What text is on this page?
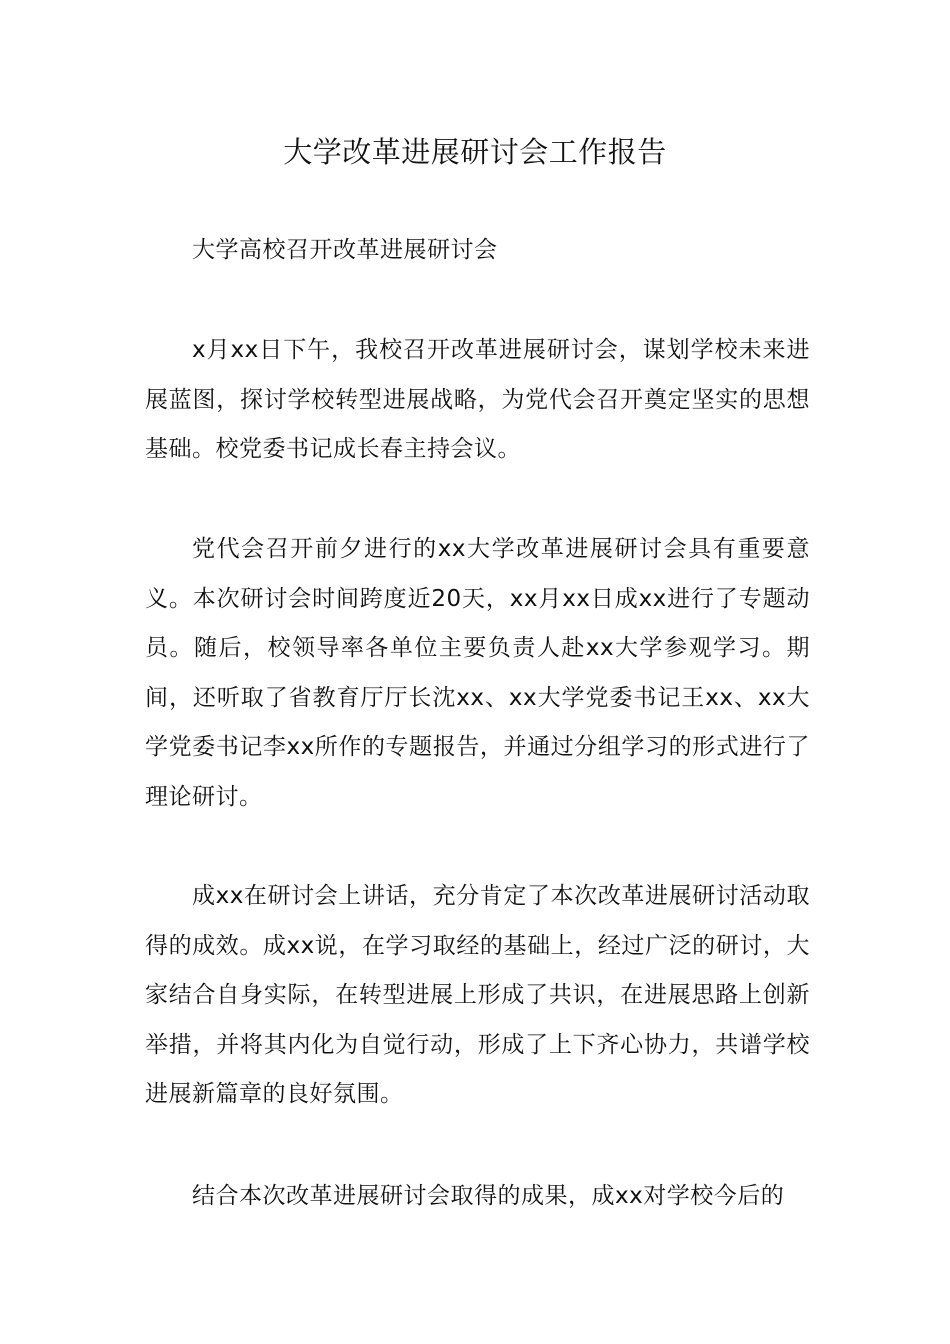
大学改革进展研讨会工作报告

大学高校召开改革进展研讨会

x月xx日下午，我校召开改革进展研讨会，谋划学校未来进展蓝图，探讨学校转型进展战略，为党代会召开奠定坚实的思想基础。校党委书记成长春主持会议。

党代会召开前夕进行的xx大学改革进展研讨会具有重要意义。本次研讨会时间跨度近20天，xx月xx日成xx进行了专题动员。随后，校领导率各单位主要负责人赴xx大学参观学习。期间，还听取了省教育厅厅长沈xx、xx大学党委书记王xx、xx大学党委书记李xx所作的专题报告，并通过分组学习的形式进行了理论研讨。

成xx在研讨会上讲话，充分肯定了本次改革进展研讨活动取得的成效。成xx说，在学习取经的基础上，经过广泛的研讨，大家结合自身实际，在转型进展上形成了共识，在进展思路上创新举措，并将其内化为自觉行动，形成了上下齐心协力，共谱学校进展新篇章的良好氛围。

结合本次改革进展研讨会取得的成果，成xx对学校今后的
